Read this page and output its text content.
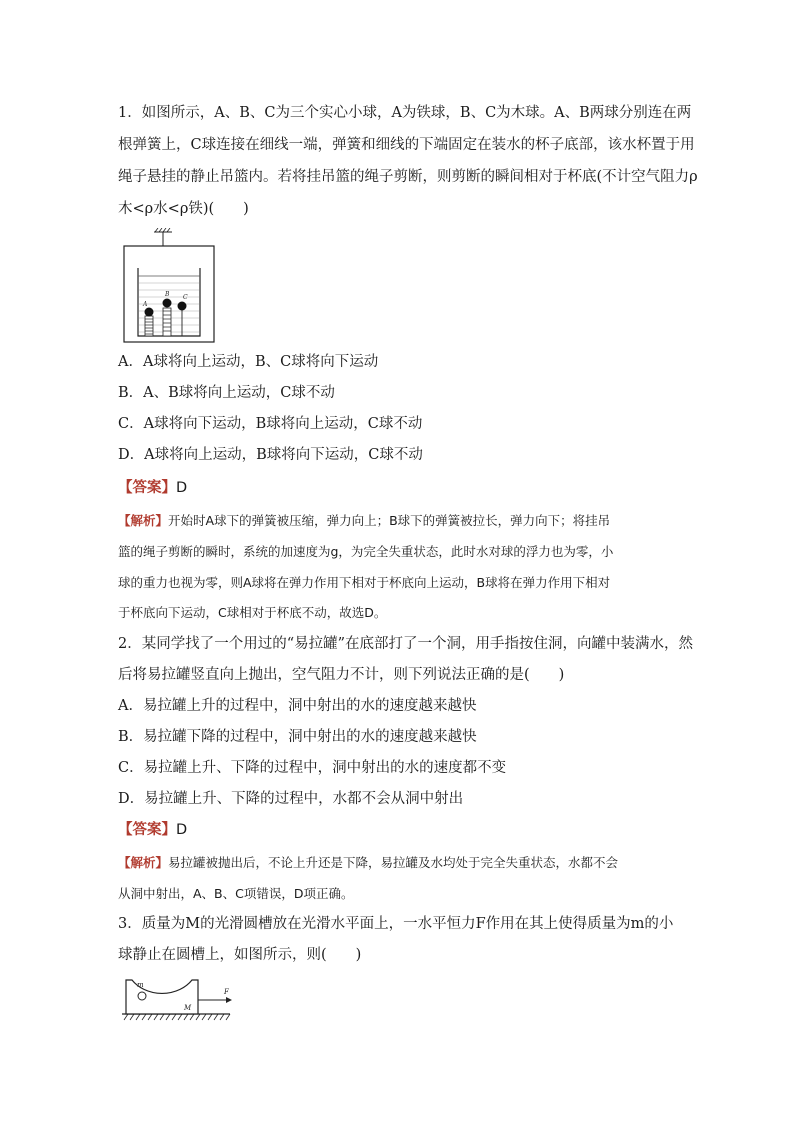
1．如图所示，A、B、C为三个实心小球，A为铁球，B、C为木球。A、B两球分别连在两
根弹簧上，C球连接在细线一端，弹簧和细线的下端固定在装水的杯子底部，该水杯置于用
绳子悬挂的静止吊篮内。若将挂吊篮的绳子剪断，则剪断的瞬间相对于杯底(不计空气阻力ρ
木<ρ水<ρ铁)(　　)
A
B C
A．A球将向上运动，B、C球将向下运动
B．A、B球将向上运动，C球不动
C．A球将向下运动，B球将向上运动，C球不动
D．A球将向上运动，B球将向下运动，C球不动
【答案】D
【解析】开始时A球下的弹簧被压缩，弹力向上；B球下的弹簧被拉长，弹力向下；将挂吊
篮的绳子剪断的瞬时，系统的加速度为g，为完全失重状态，此时水对球的浮力也为零，小
球的重力也视为零，则A球将在弹力作用下相对于杯底向上运动，B球将在弹力作用下相对
于杯底向下运动，C球相对于杯底不动，故选D。
2．某同学找了一个用过的“易拉罐”在底部打了一个洞，用手指按住洞，向罐中装满水，然
后将易拉罐竖直向上抛出，空气阻力不计，则下列说法正确的是(　　)
A．易拉罐上升的过程中，洞中射出的水的速度越来越快
B．易拉罐下降的过程中，洞中射出的水的速度越来越快
C．易拉罐上升、下降的过程中，洞中射出的水的速度都不变
D．易拉罐上升、下降的过程中，水都不会从洞中射出
【答案】D
【解析】易拉罐被抛出后，不论上升还是下降，易拉罐及水均处于完全失重状态，水都不会
从洞中射出，A、B、C项错误，D项正确。
3．质量为M的光滑圆槽放在光滑水平面上，一水平恒力F作用在其上使得质量为m的小
球静止在圆槽上，如图所示，则(　　)
m
M
F
